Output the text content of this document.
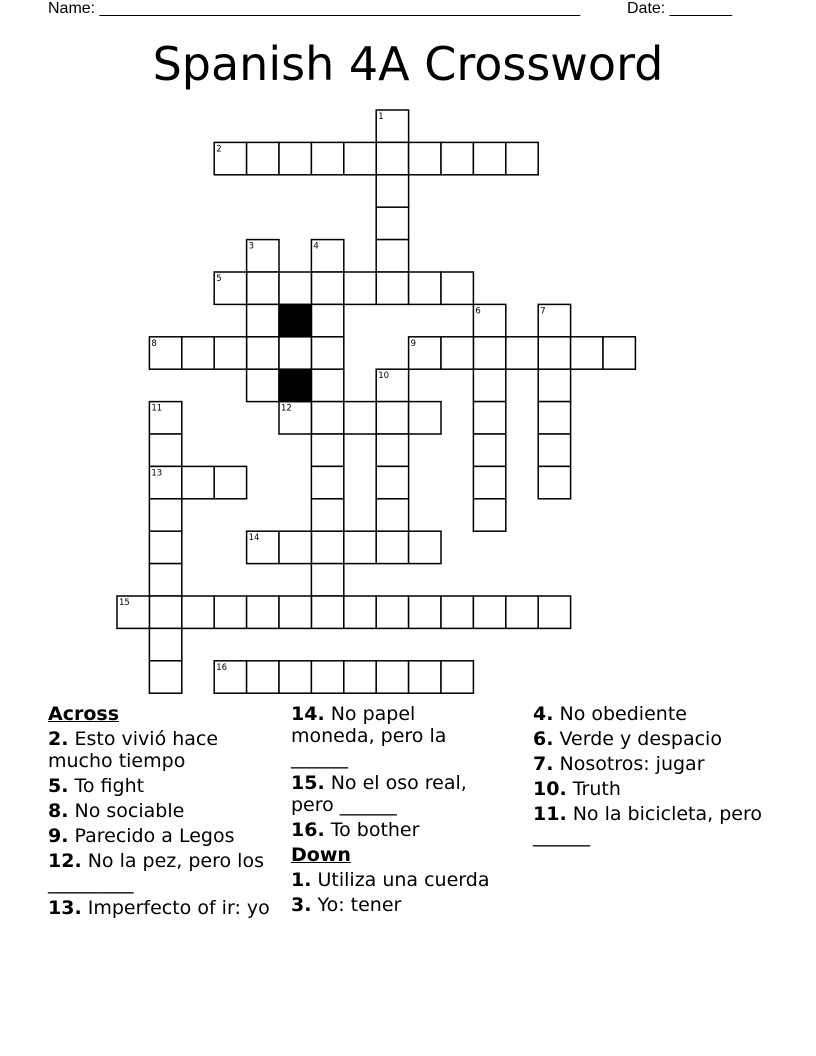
Name: ______________________________________________________	Date: _______
Spanish 4A Crossword
1
2
3	4
5
6	7
8	9
10
11	12
13
14
15
16
Across
2. Esto vivió hace mucho tiempo
5. To fight
8. No sociable
9. Parecido a Legos
12. No la pez, pero los _________
13. Imperfecto of ir: yo
14. No papel moneda, pero la ______
15. No el oso real, pero ______
16. To bother
Down
1. Utiliza una cuerda
3. Yo: tener
4. No obediente
6. Verde y despacio
7. Nosotros: jugar
10. Truth
11. No la bicicleta, pero ______
